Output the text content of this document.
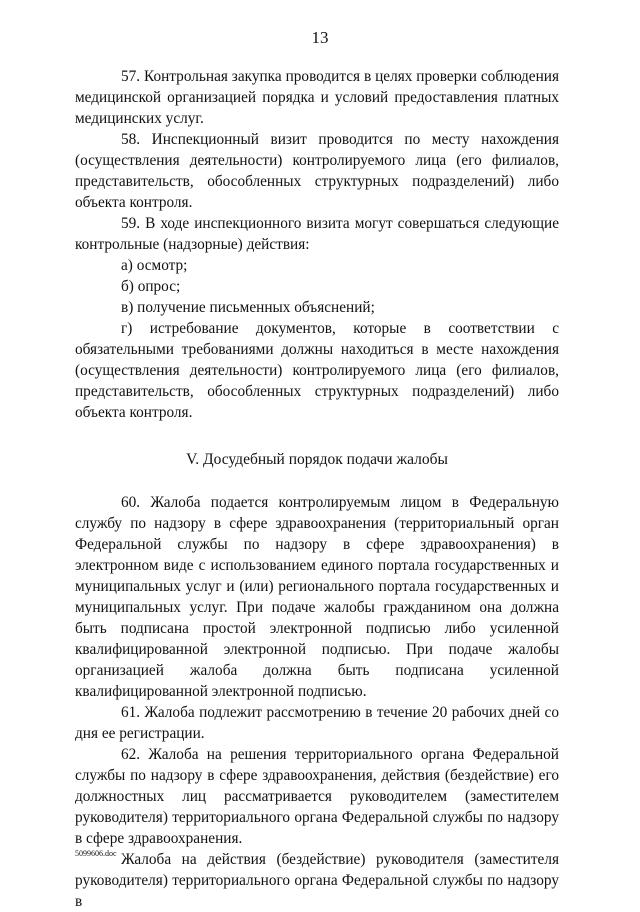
13

57. Контрольная закупка проводится в целях проверки соблюдения медицинской организацией порядка и условий предоставления платных медицинских услуг.

58. Инспекционный визит проводится по месту нахождения (осуществления деятельности) контролируемого лица (его филиалов, представительств, обособленных структурных подразделений) либо объекта контроля.

59. В ходе инспекционного визита могут совершаться следующие контрольные (надзорные) действия:

а) осмотр;

б) опрос;

в) получение письменных объяснений;

г) истребование документов, которые в соответствии с обязательными требованиями должны находиться в месте нахождения (осуществления деятельности) контролируемого лица (его филиалов, представительств, обособленных структурных подразделений) либо объекта контроля.

V. Досудебный порядок подачи жалобы

60. Жалоба подается контролируемым лицом в Федеральную службу по надзору в сфере здравоохранения (территориальный орган Федеральной службы по надзору в сфере здравоохранения) в электронном виде с использованием единого портала государственных и муниципальных услуг и (или) регионального портала государственных и муниципальных услуг. При подаче жалобы гражданином она должна быть подписана простой электронной подписью либо усиленной квалифицированной электронной подписью. При подаче жалобы организацией жалоба должна быть подписана усиленной квалифицированной электронной подписью.

61. Жалоба подлежит рассмотрению в течение 20 рабочих дней со дня ее регистрации.

62. Жалоба на решения территориального органа Федеральной службы по надзору в сфере здравоохранения, действия (бездействие) его должностных лиц рассматривается руководителем (заместителем руководителя) территориального органа Федеральной службы по надзору в сфере здравоохранения.

Жалоба на действия (бездействие) руководителя (заместителя руководителя) территориального органа Федеральной службы по надзору в

5099606.doc
